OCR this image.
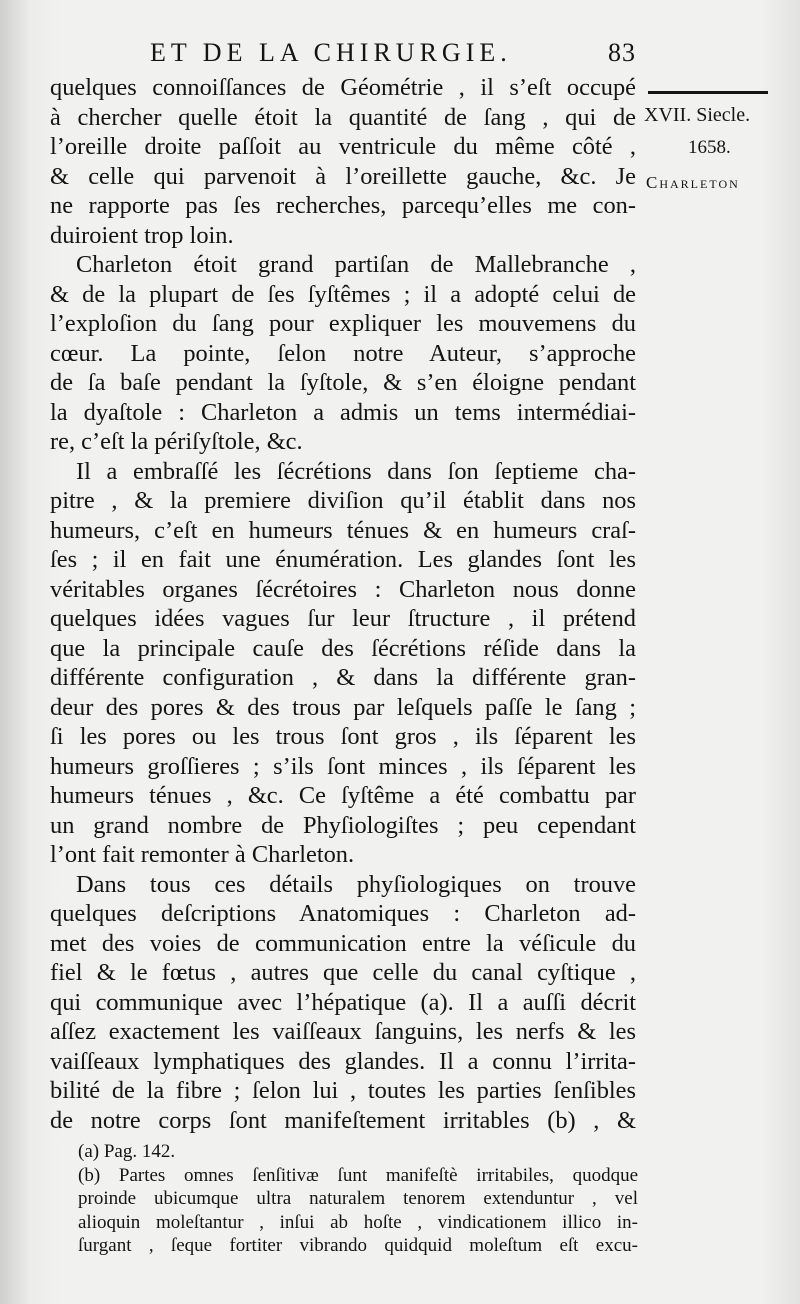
ET DE LA CHIRURGIE.	83
XVII. Siecle.
1658.
Charleton
quelques connoiſſances de Géométrie , il s’eſt occupé
à chercher quelle étoit la quantité de ſang , qui de
l’oreille droite paſſoit au ventricule du même côté ,
& celle qui parvenoit à l’oreillette gauche, &c. Je
ne rapporte pas ſes recherches, parcequ’elles me con-
duiroient trop loin.
Charleton étoit grand partiſan de Mallebranche ,
& de la plupart de ſes ſyſtêmes ; il a adopté celui de
l’exploſion du ſang pour expliquer les mouvemens du
cœur. La pointe, ſelon notre Auteur, s’approche
de ſa baſe pendant la ſyſtole, & s’en éloigne pendant
la dyaſtole : Charleton a admis un tems intermédiai-
re, c’eſt la périſyſtole, &c.
Il a embraſſé les ſécrétions dans ſon ſeptieme cha-
pitre , & la premiere diviſion qu’il établit dans nos
humeurs, c’eſt en humeurs ténues & en humeurs craſ-
ſes ; il en fait une énumération. Les glandes ſont les
véritables organes ſécrétoires : Charleton nous donne
quelques idées vagues ſur leur ſtructure , il prétend
que la principale cauſe des ſécrétions réſide dans la
différente configuration , & dans la différente gran-
deur des pores & des trous par leſquels paſſe le ſang ;
ſi les pores ou les trous ſont gros , ils ſéparent les
humeurs groſſieres ; s’ils ſont minces , ils ſéparent les
humeurs ténues , &c. Ce ſyſtême a été combattu par
un grand nombre de Phyſiologiſtes ; peu cependant
l’ont fait remonter à Charleton.
Dans tous ces détails phyſiologiques on trouve
quelques deſcriptions Anatomiques : Charleton ad-
met des voies de communication entre la véſicule du
fiel & le fœtus , autres que celle du canal cyſtique ,
qui communique avec l’hépatique (a). Il a auſſi décrit
aſſez exactement les vaiſſeaux ſanguins, les nerfs & les
vaiſſeaux lymphatiques des glandes. Il a connu l’irrita-
bilité de la fibre ; ſelon lui , toutes les parties ſenſibles
de notre corps ſont manifeſtement irritables (b) , &
(a) Pag. 142.
(b) Partes omnes ſenſitivæ ſunt manifeſtè irritabiles, quodque
proinde ubicumque ultra naturalem tenorem extenduntur , vel
alioquin moleſtantur , inſui ab hoſte , vindicationem illico in-
ſurgant , ſeque fortiter vibrando quidquid moleſtum eſt excu-
